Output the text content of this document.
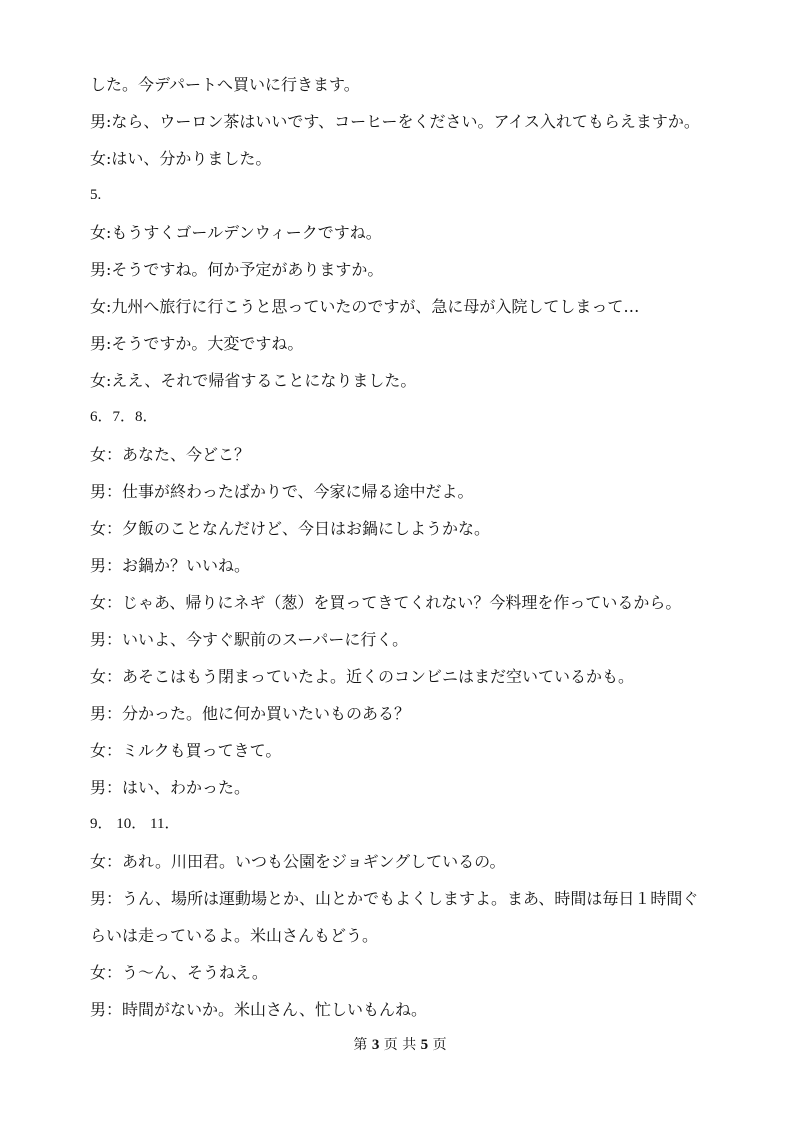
した。今デパートへ買いに行きます。
男:なら、ウーロン茶はいいです、コーヒーをください。アイス入れてもらえますか。
女:はい、分かりました。
5.
女:もうすくゴールデンウィークですね。
男:そうですね。何か予定がありますか。
女:九州へ旅行に行こうと思っていたのですが、急に母が入院してしまって…
男:そうですか。大変ですね。
女:ええ、それで帰省することになりました。
6．7．8．
女：あなた、今どこ？
男：仕事が終わったばかりで、今家に帰る途中だよ。
女：夕飯のことなんだけど、今日はお鍋にしようかな。
男：お鍋か？いいね。
女：じゃあ、帰りにネギ（葱）を買ってきてくれない？今料理を作っているから。
男：いいよ、今すぐ駅前のスーパーに行く。
女：あそこはもう閉まっていたよ。近くのコンビニはまだ空いているかも。
男：分かった。他に何か買いたいものある？
女：ミルクも買ってきて。
男：はい、わかった。
9． 10． 11．
女：あれ。川田君。いつも公園をジョギングしているの。
男：うん、場所は運動場とか、山とかでもよくしますよ。まあ、時間は毎日１時間ぐ
らいは走っているよ。米山さんもどう。
女：う～ん、そうねえ。
男：時間がないか。米山さん、忙しいもんね。
第 3 页 共 5 页
